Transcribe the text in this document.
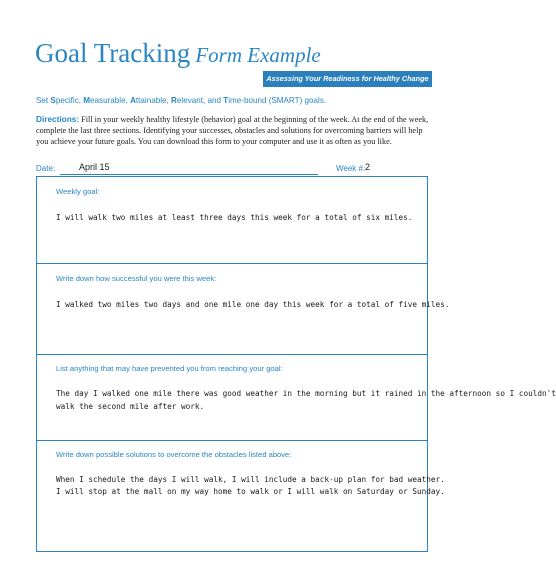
Goal Tracking Form Example
Assessing Your Readiness for Healthy Change
Set Specific, Measurable, Attainable, Relevant, and Time-bound (SMART) goals.
Directions: Fill in your weekly healthy lifestyle (behavior) goal at the beginning of the week. At the end of the week, complete the last three sections. Identifying your successes, obstacles and solutions for overcoming barriers will help you achieve your future goals. You can download this form to your computer and use it as often as you like.
Date:	April 15	Week #: 2
Weekly goal:
I will walk two miles at least three days this week for a total of six miles.
Write down how successful you were this week:
I walked two miles two days and one mile one day this week for a total of five miles.
List anything that may have prevented you from reaching your goal:
The day I walked one mile there was good weather in the morning but it rained in the afternoon so I couldn't
walk the second mile after work.
Write down possible solutions to overcome the obstacles listed above:
When I schedule the days I will walk, I will include a back-up plan for bad weather.
I will stop at the mall on my way home to walk or I will walk on Saturday or Sunday.
